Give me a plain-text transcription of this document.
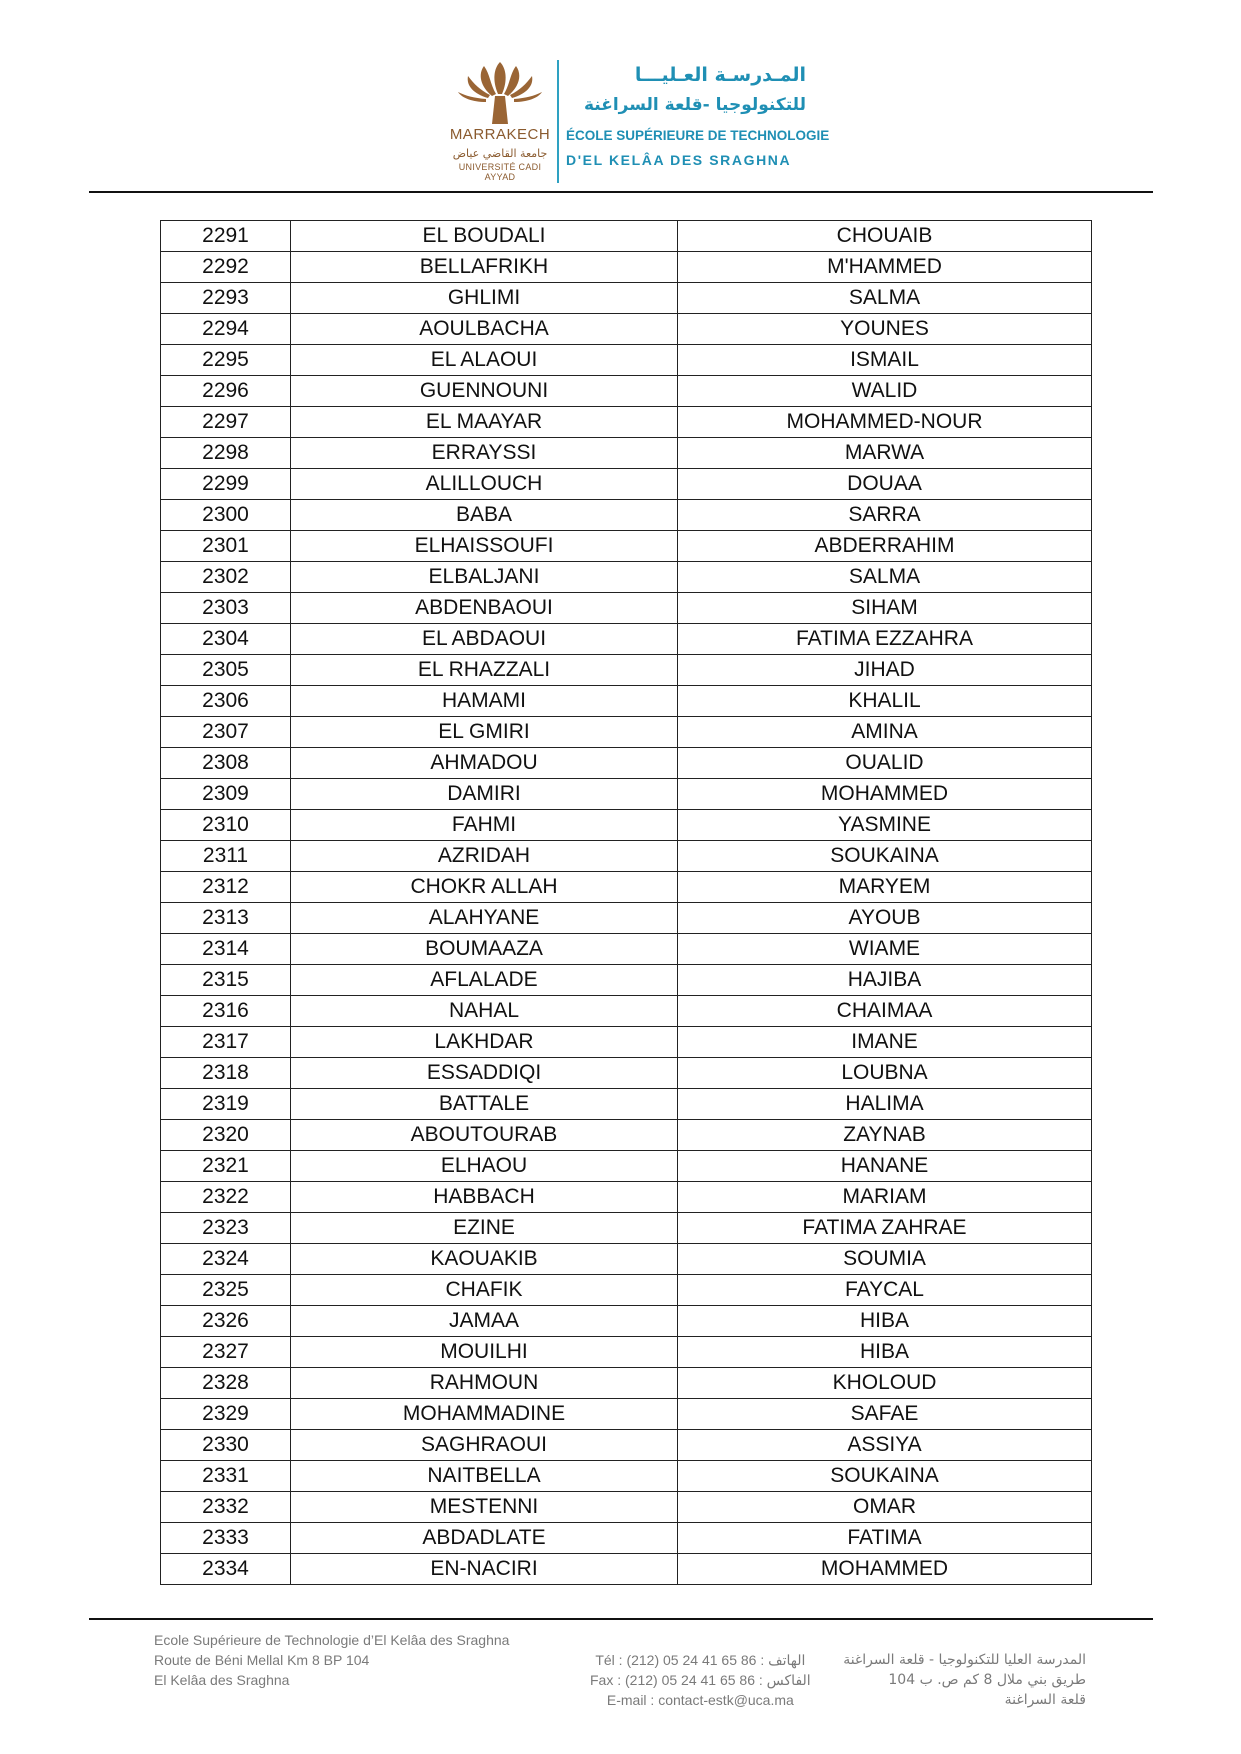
MARRAKECH
جامعة القاضي عياض
UNIVERSITÉ CADI AYYAD
المـدرسـة العـليـــا
للتكنولوجيا -قلعة السراغنة
ÉCOLE SUPÉRIEURE DE TECHNOLOGIE
D'EL KELÂA DES SRAGHNA
2291	EL BOUDALI	CHOUAIB
2292	BELLAFRIKH	M'HAMMED
2293	GHLIMI	SALMA
2294	AOULBACHA	YOUNES
2295	EL ALAOUI	ISMAIL
2296	GUENNOUNI	WALID
2297	EL MAAYAR	MOHAMMED-NOUR
2298	ERRAYSSI	MARWA
2299	ALILLOUCH	DOUAA
2300	BABA	SARRA
2301	ELHAISSOUFI	ABDERRAHIM
2302	ELBALJANI	SALMA
2303	ABDENBAOUI	SIHAM
2304	EL ABDAOUI	FATIMA EZZAHRA
2305	EL RHAZZALI	JIHAD
2306	HAMAMI	KHALIL
2307	EL GMIRI	AMINA
2308	AHMADOU	OUALID
2309	DAMIRI	MOHAMMED
2310	FAHMI	YASMINE
2311	AZRIDAH	SOUKAINA
2312	CHOKR ALLAH	MARYEM
2313	ALAHYANE	AYOUB
2314	BOUMAAZA	WIAME
2315	AFLALADE	HAJIBA
2316	NAHAL	CHAIMAA
2317	LAKHDAR	IMANE
2318	ESSADDIQI	LOUBNA
2319	BATTALE	HALIMA
2320	ABOUTOURAB	ZAYNAB
2321	ELHAOU	HANANE
2322	HABBACH	MARIAM
2323	EZINE	FATIMA ZAHRAE
2324	KAOUAKIB	SOUMIA
2325	CHAFIK	FAYCAL
2326	JAMAA	HIBA
2327	MOUILHI	HIBA
2328	RAHMOUN	KHOLOUD
2329	MOHAMMADINE	SAFAE
2330	SAGHRAOUI	ASSIYA
2331	NAITBELLA	SOUKAINA
2332	MESTENNI	OMAR
2333	ABDADLATE	FATIMA
2334	EN-NACIRI	MOHAMMED
Ecole Supérieure de Technologie d’El Kelâa des Sraghna
Route de Béni Mellal Km 8 BP 104
El Kelâa des Sraghna
Tél : (212) 05 24 41 65 86 : الهاتف
Fax : (212) 05 24 41 65 86 : الفاكس
E-mail : contact-estk@uca.ma
المدرسة العليا للتكنولوجيا - قلعة السراغنة
طريق بني ملال 8 كم ص. ب 104
قلعة السراغنة
